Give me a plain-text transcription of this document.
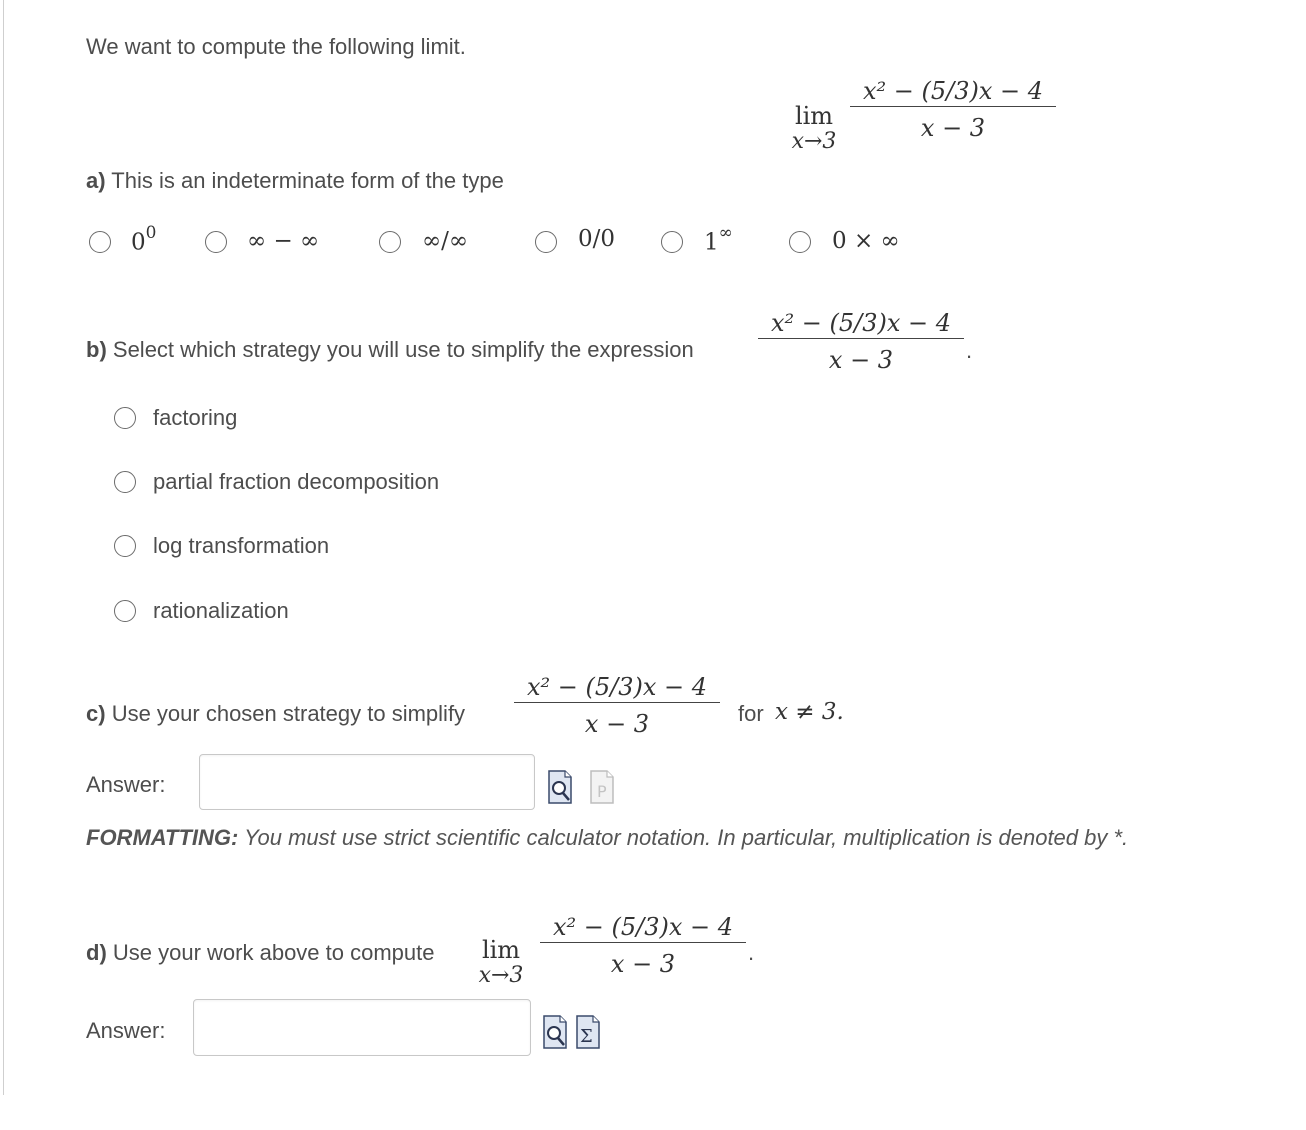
We want to compute the following limit.
lim
x→3
x² − (5/3)x − 4
x − 3
a) This is an indeterminate form of the type
$0^0$	∞ − ∞	∞/∞	0/0	1∞	0 × ∞
b) Select which strategy you will use to simplify the expression
x² − (5/3)x − 4
x − 3	.
factoring
partial fraction decomposition
log transformation
rationalization
c) Use your chosen strategy to simplify
x² − (5/3)x − 4
x − 3	for x ≠ 3.
Answer:	P
FORMATTING: You must use strict scientific calculator notation. In particular, multiplication is denoted by *.
d) Use your work above to compute	lim
x→3
x² − (5/3)x − 4
x − 3	.
Answer:	Σ
